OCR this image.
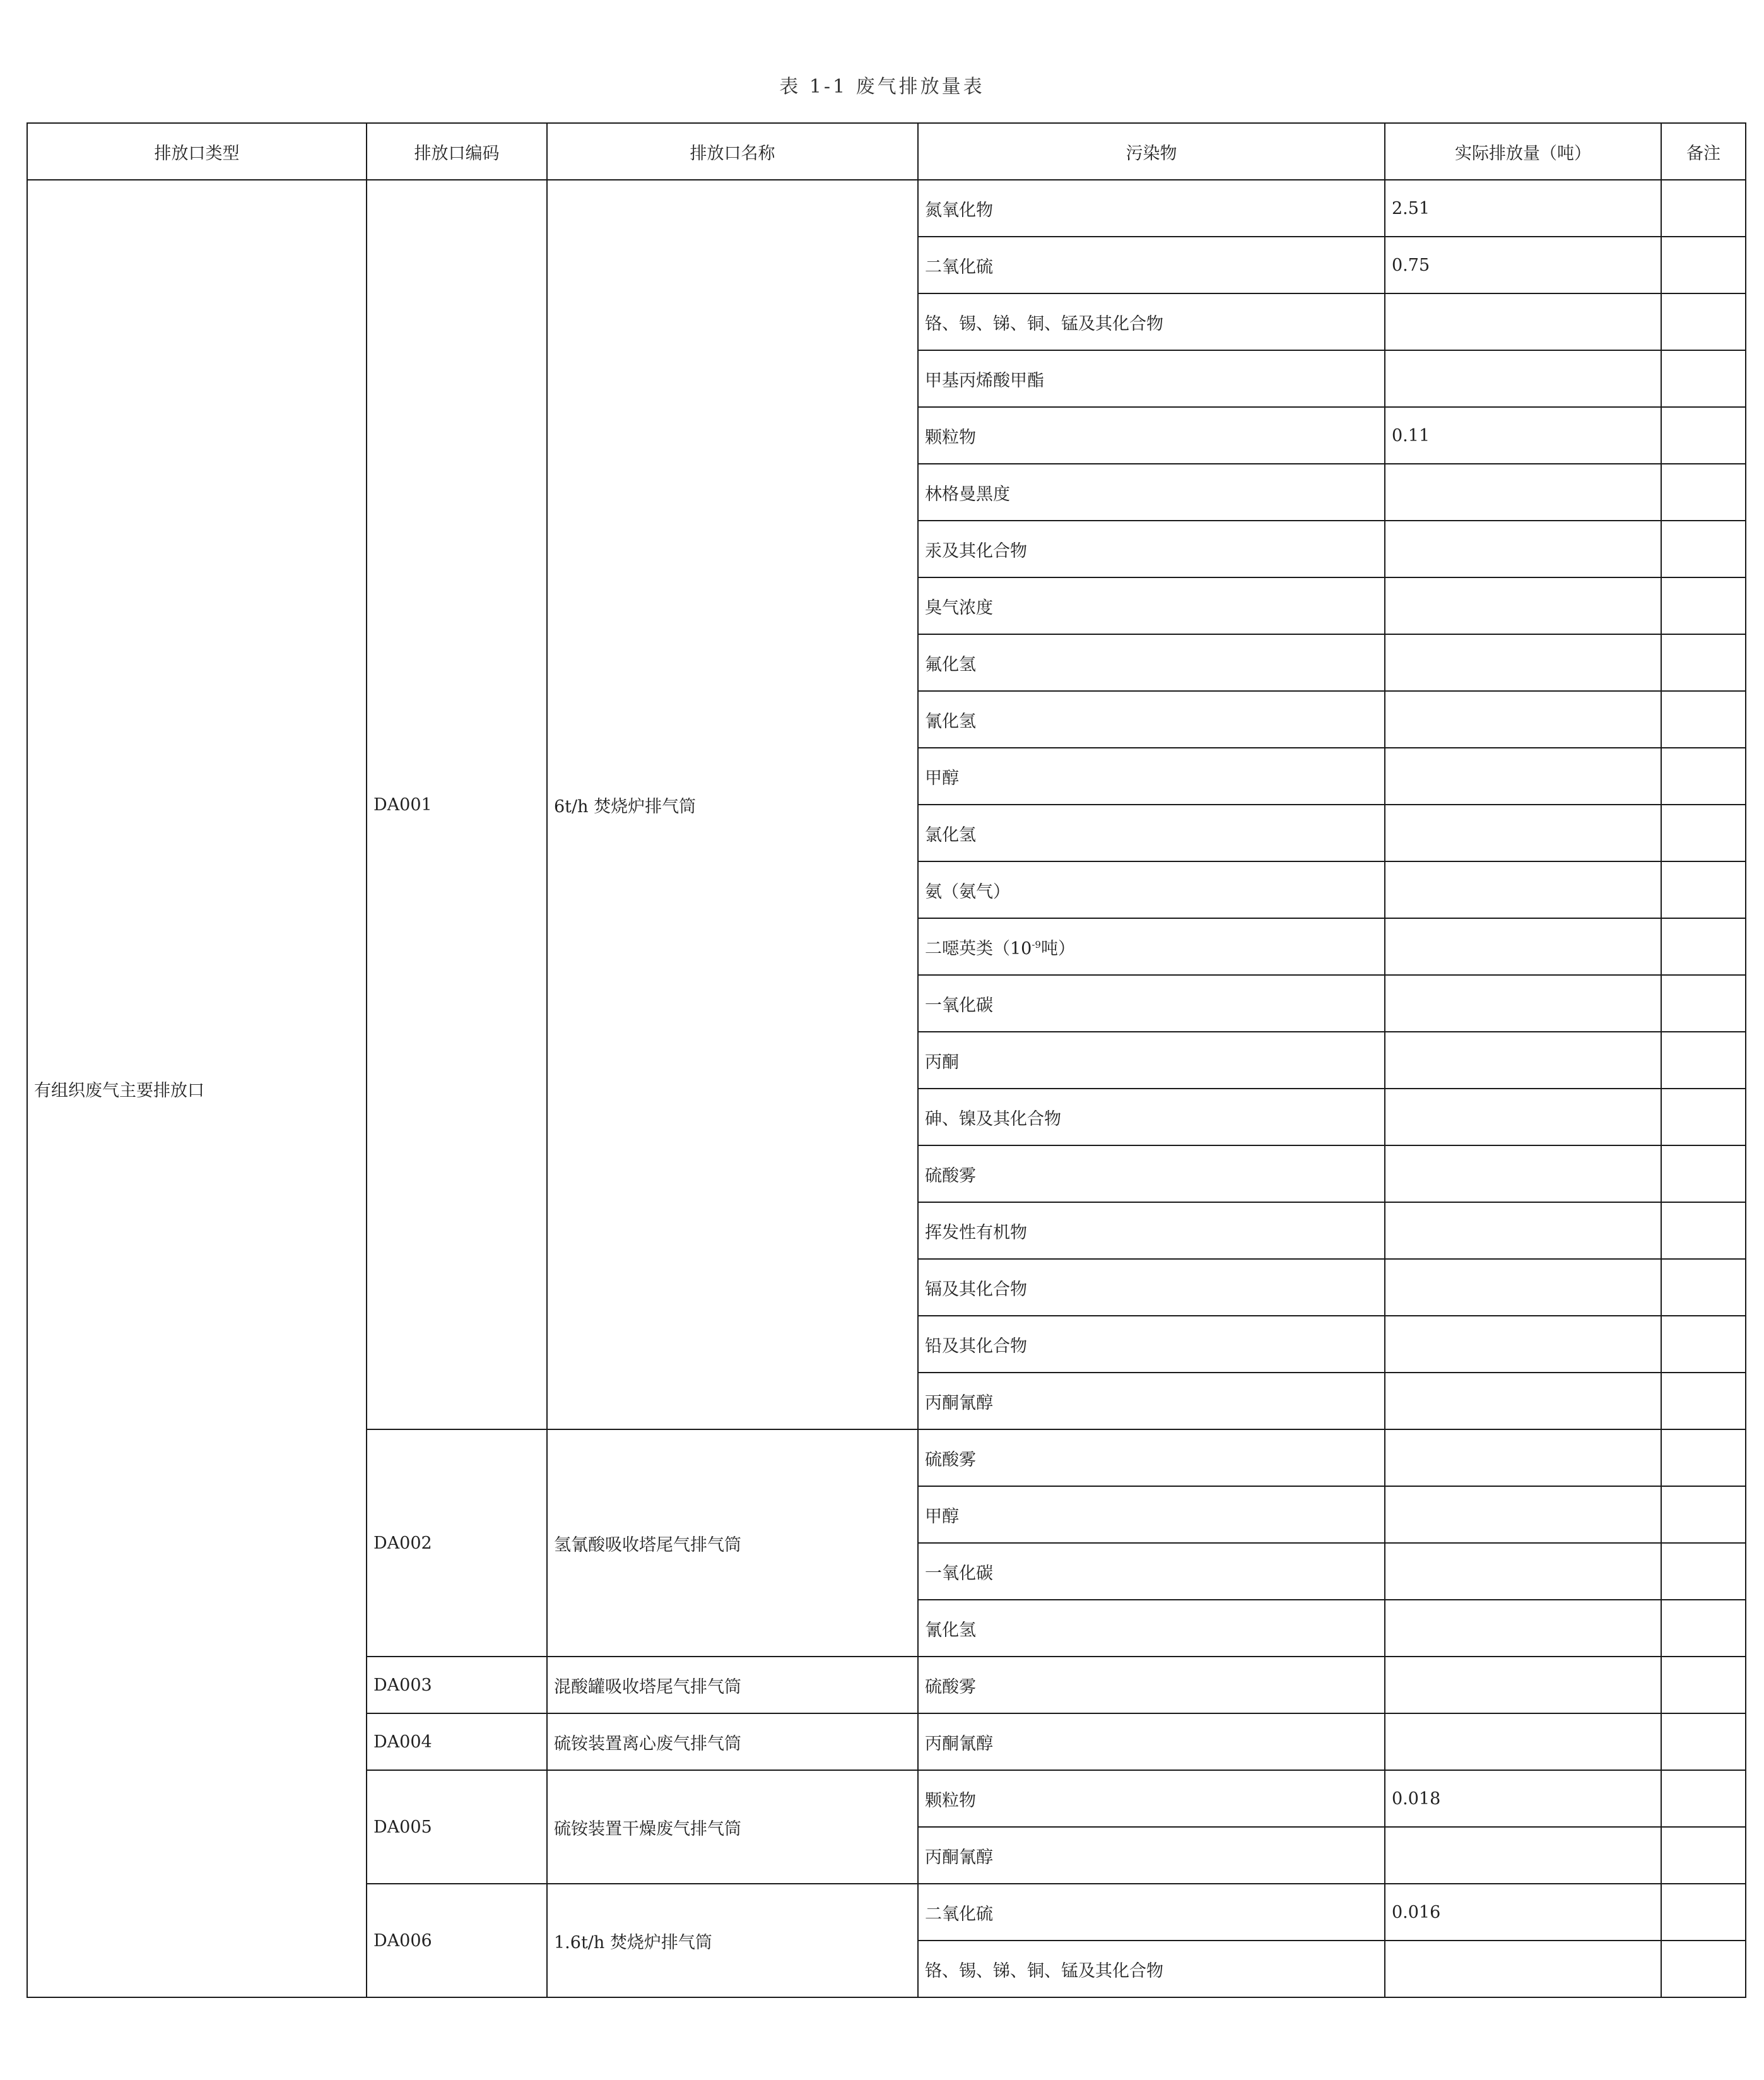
表 1-1 废气排放量表
排放口类型	排放口编码	排放口名称	污染物	实际排放量（吨）	备注
有组织废气主要排放口	DA001	6t/h 焚烧炉排气筒	氮氧化物	2.51	
			二氧化硫	0.75	
			铬、锡、锑、铜、锰及其化合物		
			甲基丙烯酸甲酯		
			颗粒物	0.11	
			林格曼黑度		
			汞及其化合物		
			臭气浓度		
			氟化氢		
			氰化氢		
			甲醇		
			氯化氢		
			氨（氨气）		
			二噁英类（$10^{-9}$吨）		
			一氧化碳		
			丙酮		
			砷、镍及其化合物		
			硫酸雾		
			挥发性有机物		
			镉及其化合物		
			铅及其化合物		
			丙酮氰醇		
	DA002	氢氰酸吸收塔尾气排气筒	硫酸雾		
			甲醇		
			一氧化碳		
			氰化氢		
	DA003	混酸罐吸收塔尾气排气筒	硫酸雾		
	DA004	硫铵装置离心废气排气筒	丙酮氰醇		
	DA005	硫铵装置干燥废气排气筒	颗粒物	0.018	
			丙酮氰醇		
	DA006	1.6t/h 焚烧炉排气筒	二氧化硫	0.016	
			铬、锡、锑、铜、锰及其化合物		
